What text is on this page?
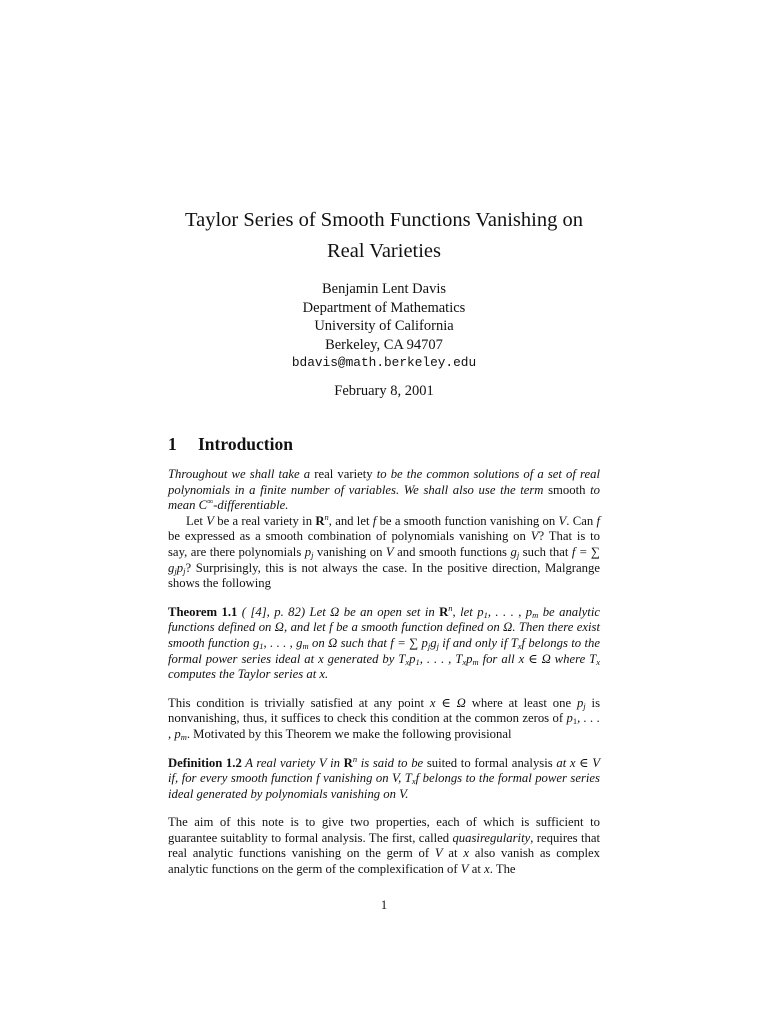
Taylor Series of Smooth Functions Vanishing on
Real Varieties
Benjamin Lent Davis
Department of Mathematics
University of California
Berkeley, CA 94707
bdavis@math.berkeley.edu
February 8, 2001
1 Introduction

Throughout we shall take a real variety to be the common solutions of a set of real polynomials in a finite number of variables. We shall also use the term smooth to mean C∞-differentiable.

Let V be a real variety in $R^n$, and let f be a smooth function vanishing on V. Can f be expressed as a smooth combination of polynomials vanishing on V? That is to say, are there polynomials $p_j$ vanishing on V and smooth functions $g_j$ such that f = ∑ $g_jp_j$? Surprisingly, this is not always the case. In the positive direction, Malgrange shows the following

Theorem 1.1 ( [4], p. 82) Let Ω be an open set in $R^n$, let $p_1$, . . . , $p_m$ be analytic functions defined on Ω, and let f be a smooth function defined on Ω. Then there exist smooth function $g_1$, . . . , $g_m$ on Ω such that f = ∑ $p_jg_j$ if and only if $T_xf$ belongs to the formal power series ideal at x generated by $T_xp_1$, . . . , $T_xp_m$ for all x ∈ Ω where $T_x$ computes the Taylor series at x.

This condition is trivially satisfied at any point x ∈ Ω where at least one $p_j$ is nonvanishing, thus, it suffices to check this condition at the common zeros of $p_1$, . . . , $p_m$. Motivated by this Theorem we make the following provisional

Definition 1.2 A real variety V in $R^n$ is said to be suited to formal analysis at x ∈ V if, for every smooth function f vanishing on V, $T_xf$ belongs to the formal power series ideal generated by polynomials vanishing on V.

The aim of this note is to give two properties, each of which is sufficient to guarantee suitablity to formal analysis. The first, called quasiregularity, requires that real analytic functions vanishing on the germ of V at x also vanish as complex analytic functions on the germ of the complexification of V at x. The

1
